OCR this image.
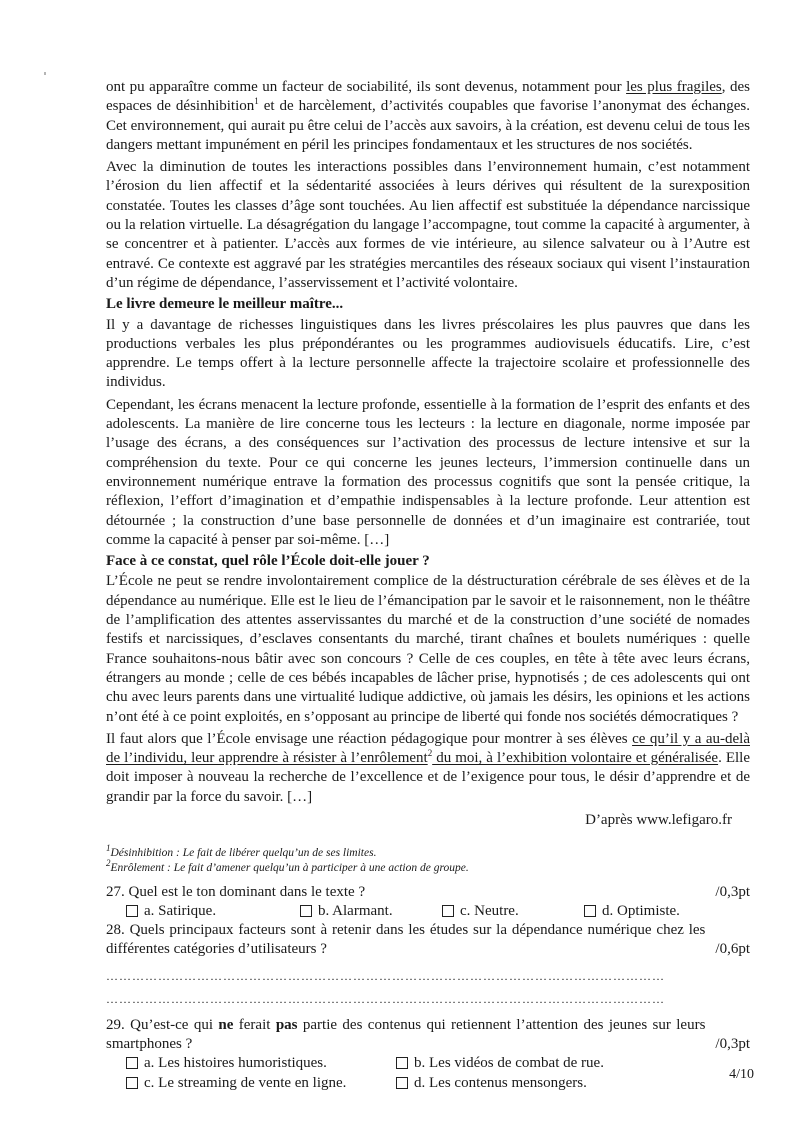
ont pu apparaître comme un facteur de sociabilité, ils sont devenus, notamment pour les plus fragiles, des espaces de désinhibition$^1$ et de harcèlement, d’activités coupables que favorise l’anonymat des échanges. Cet environnement, qui aurait pu être celui de l’accès aux savoirs, à la création, est devenu celui de tous les dangers mettant impunément en péril les principes fondamentaux et les structures de nos sociétés.

Avec la diminution de toutes les interactions possibles dans l’environnement humain, c’est notamment l’érosion du lien affectif et la sédentarité associées à leurs dérives qui résultent de la surexposition constatée. Toutes les classes d’âge sont touchées. Au lien affectif est substituée la dépendance narcissique ou la relation virtuelle. La désagrégation du langage l’accompagne, tout comme la capacité à argumenter, à se concentrer et à patienter. L’accès aux formes de vie intérieure, au silence salvateur ou à l’Autre est entravé. Ce contexte est aggravé par les stratégies mercantiles des réseaux sociaux qui visent l’instauration d’un régime de dépendance, l’asservissement et l’activité volontaire.

Le livre demeure le meilleur maître...

Il y a davantage de richesses linguistiques dans les livres préscolaires les plus pauvres que dans les productions verbales les plus prépondérantes ou les programmes audiovisuels éducatifs. Lire, c’est apprendre. Le temps offert à la lecture personnelle affecte la trajectoire scolaire et professionnelle des individus.

Cependant, les écrans menacent la lecture profonde, essentielle à la formation de l’esprit des enfants et des adolescents. La manière de lire concerne tous les lecteurs : la lecture en diagonale, norme imposée par l’usage des écrans, a des conséquences sur l’activation des processus de lecture intensive et sur la compréhension du texte. Pour ce qui concerne les jeunes lecteurs, l’immersion continuelle dans un environnement numérique entrave la formation des processus cognitifs que sont la pensée critique, la réflexion, l’effort d’imagination et d’empathie indispensables à la lecture profonde. Leur attention est détournée ; la construction d’une base personnelle de données et d’un imaginaire est contrariée, tout comme la capacité à penser par soi-même. […]

Face à ce constat, quel rôle l’École doit-elle jouer ?

L’École ne peut se rendre involontairement complice de la déstructuration cérébrale de ses élèves et de la dépendance au numérique. Elle est le lieu de l’émancipation par le savoir et le raisonnement, non le théâtre de l’amplification des attentes asservissantes du marché et de la construction d’une société de nomades festifs et narcissiques, d’esclaves consentants du marché, tirant chaînes et boulets numériques : quelle France souhaitons-nous bâtir avec son concours ? Celle de ces couples, en tête à tête avec leurs écrans, étrangers au monde ; celle de ces bébés incapables de lâcher prise, hypnotisés ; de ces adolescents qui ont chu avec leurs parents dans une virtualité ludique addictive, où jamais les désirs, les opinions et les actions n’ont été à ce point exploités, en s’opposant au principe de liberté qui fonde nos sociétés démocratiques ?

Il faut alors que l’École envisage une réaction pédagogique pour montrer à ses élèves ce qu’il y a au-delà de l’individu, leur apprendre à résister à l’enrôlement$^2$ du moi, à l’exhibition volontaire et généralisée. Elle doit imposer à nouveau la recherche de l’excellence et de l’exigence pour tous, le désir d’apprendre et de grandir par la force du savoir. […]

D’après www.lefigaro.fr

$^1$Désinhibition : Le fait de libérer quelqu’un de ses limites.

$^2$Enrôlement : Le fait d’amener quelqu’un à participer à une action de groupe.

27. Quel est le ton dominant dans le texte ?	/0,3pt
a. Satirique.	b. Alarmant.	c. Neutre.	d. Optimiste.
28. Quels principaux facteurs sont à retenir dans les études sur la dépendance numérique chez les différentes catégories d’utilisateurs ?	/0,6pt
…………………………………………………………………………………………………………………
…………………………………………………………………………………………………………………
29. Qu’est-ce qui ne ferait pas partie des contenus qui retiennent l’attention des jeunes sur leurs smartphones ?	/0,3pt
a. Les histoires humoristiques.	b. Les vidéos de combat de rue.
c. Le streaming de vente en ligne.	d. Les contenus mensongers.
4/10
